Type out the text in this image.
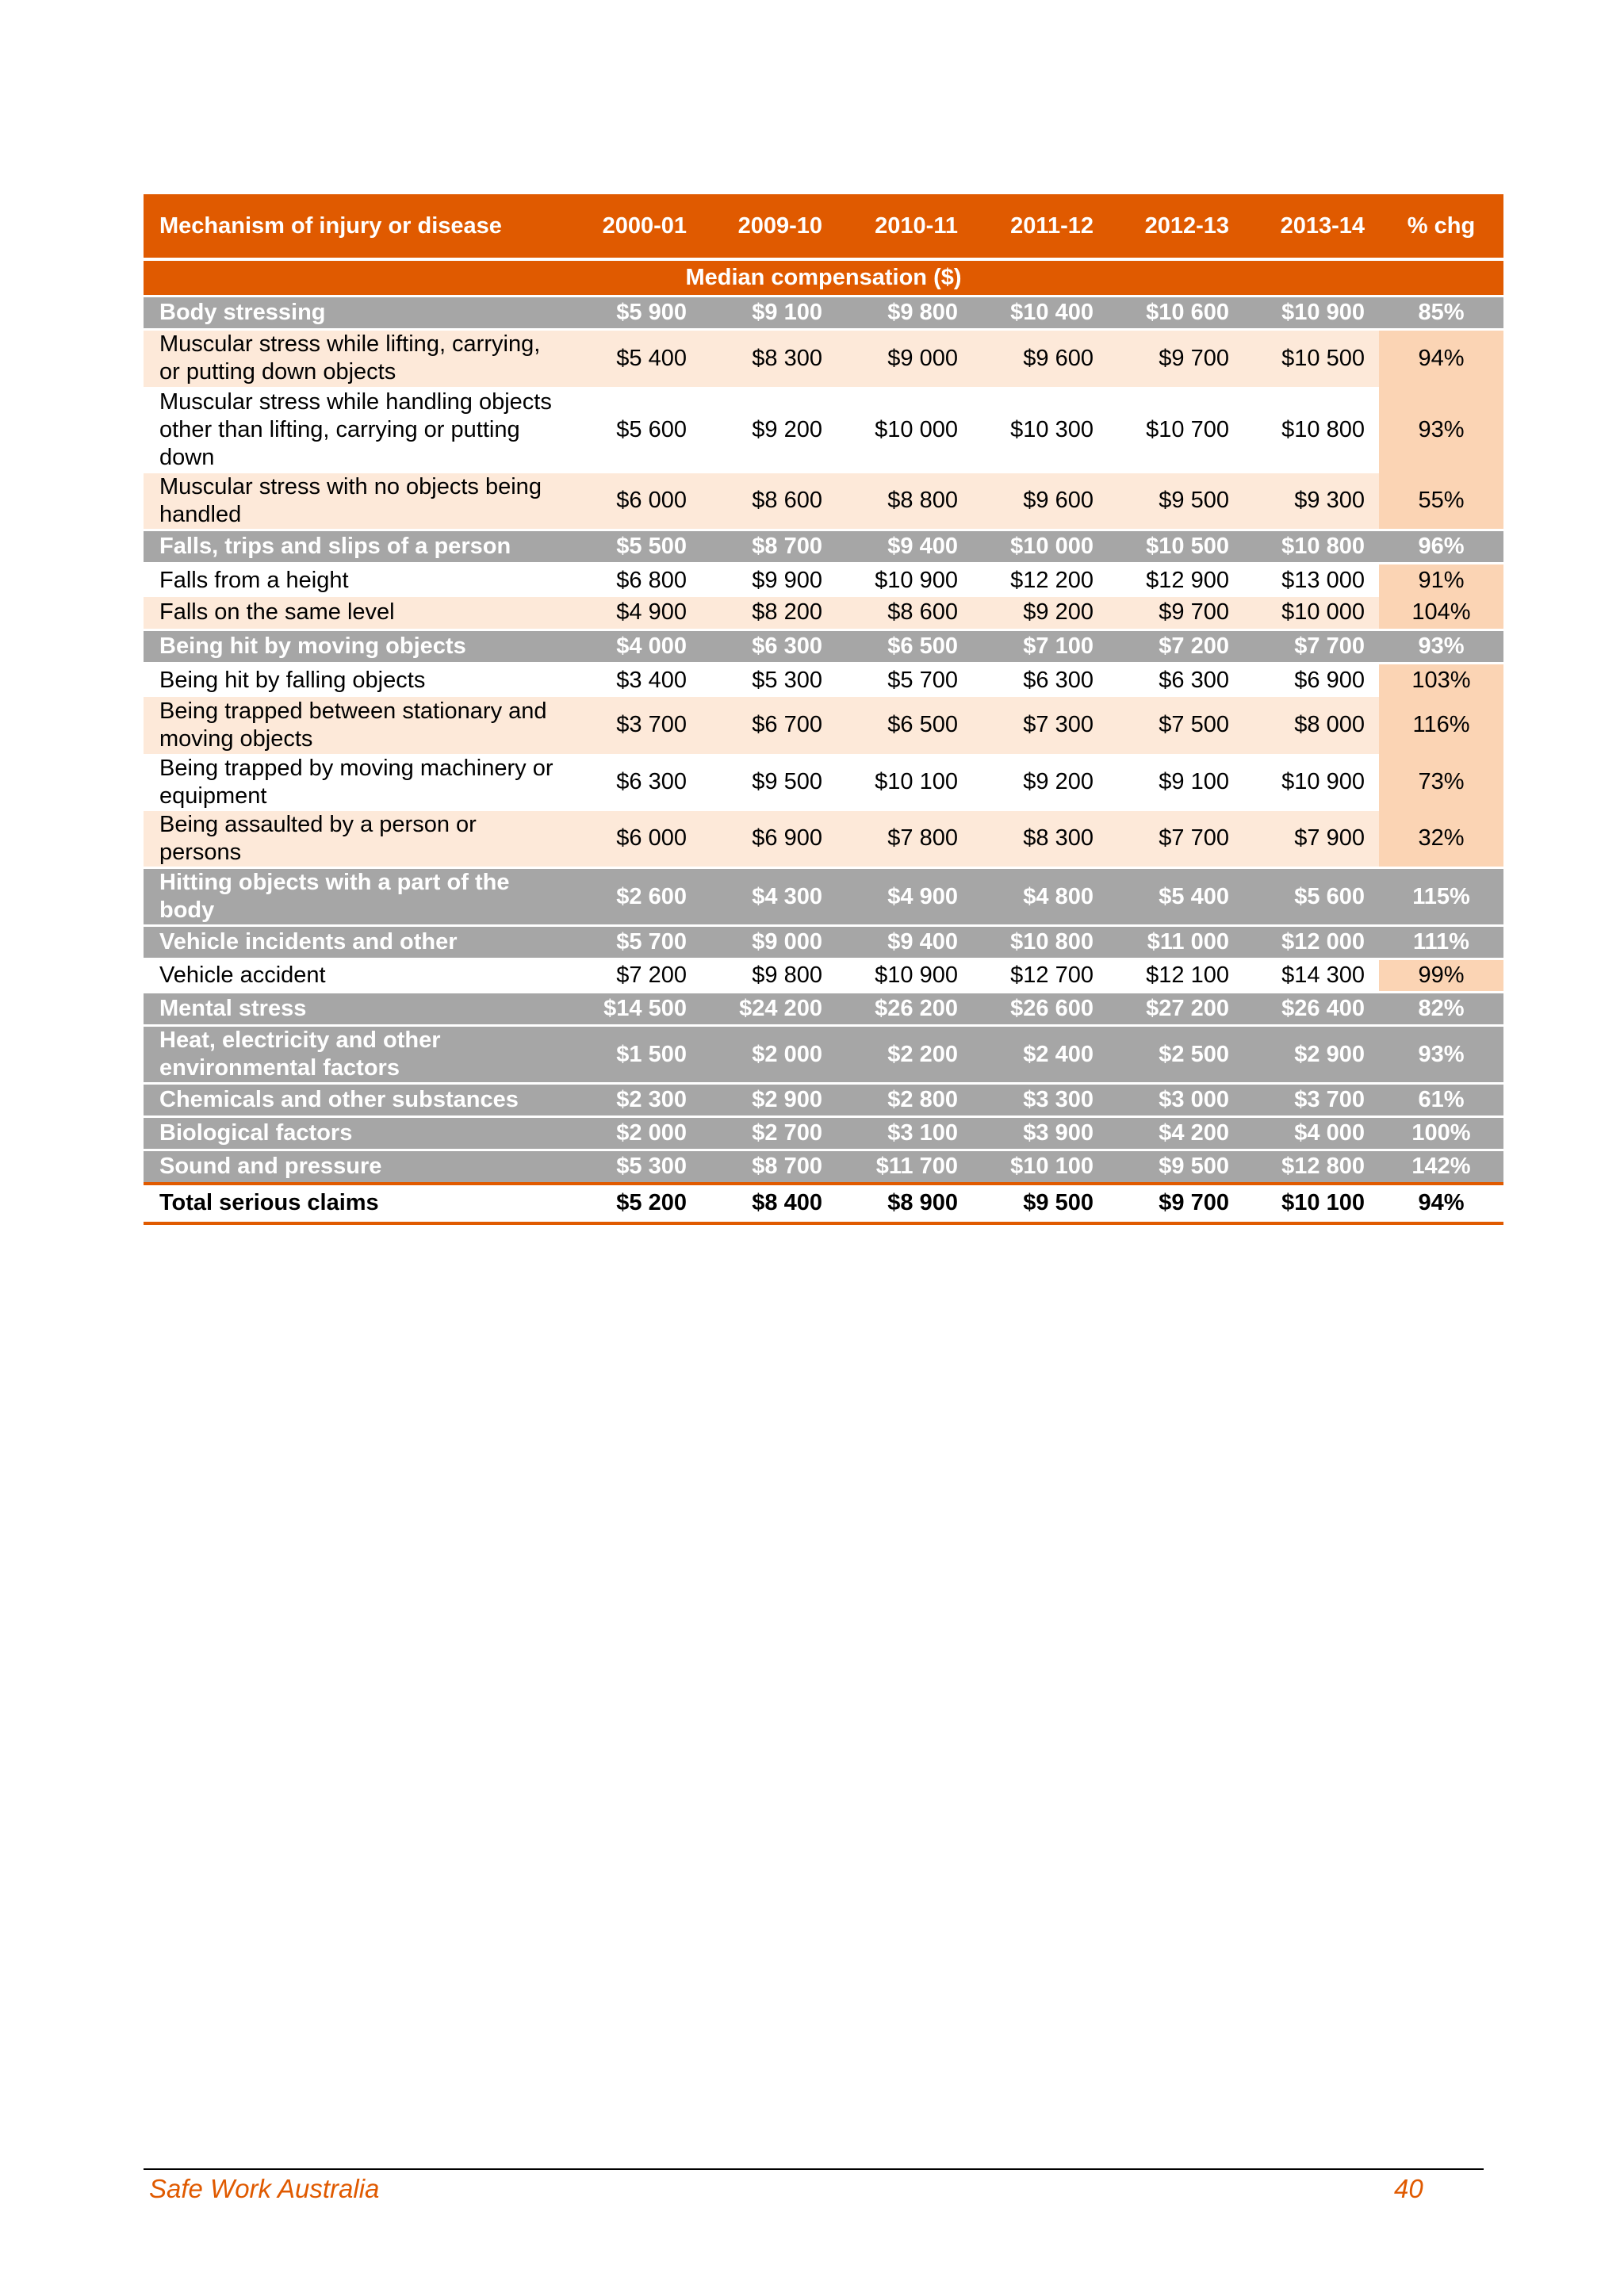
Mechanism of injury or disease	2000-01	2009-10	2010-11	2011-12	2012-13	2013-14	% chg
Median compensation ($)							
Body stressing	$5 900	$9 100	$9 800	$10 400	$10 600	$10 900	85%
Muscular stress while lifting, carrying, or putting down objects	$5 400	$8 300	$9 000	$9 600	$9 700	$10 500	94%
Muscular stress while handling objects other than lifting, carrying or putting down	$5 600	$9 200	$10 000	$10 300	$10 700	$10 800	93%
Muscular stress with no objects being handled	$6 000	$8 600	$8 800	$9 600	$9 500	$9 300	55%
Falls, trips and slips of a person	$5 500	$8 700	$9 400	$10 000	$10 500	$10 800	96%
Falls from a height	$6 800	$9 900	$10 900	$12 200	$12 900	$13 000	91%
Falls on the same level	$4 900	$8 200	$8 600	$9 200	$9 700	$10 000	104%
Being hit by moving objects	$4 000	$6 300	$6 500	$7 100	$7 200	$7 700	93%
Being hit by falling objects	$3 400	$5 300	$5 700	$6 300	$6 300	$6 900	103%
Being trapped between stationary and moving objects	$3 700	$6 700	$6 500	$7 300	$7 500	$8 000	116%
Being trapped by moving machinery or equipment	$6 300	$9 500	$10 100	$9 200	$9 100	$10 900	73%
Being assaulted by a person or persons	$6 000	$6 900	$7 800	$8 300	$7 700	$7 900	32%
Hitting objects with a part of the body	$2 600	$4 300	$4 900	$4 800	$5 400	$5 600	115%
Vehicle incidents and other	$5 700	$9 000	$9 400	$10 800	$11 000	$12 000	111%
Vehicle accident	$7 200	$9 800	$10 900	$12 700	$12 100	$14 300	99%
Mental stress	$14 500	$24 200	$26 200	$26 600	$27 200	$26 400	82%
Heat, electricity and other environmental factors	$1 500	$2 000	$2 200	$2 400	$2 500	$2 900	93%
Chemicals and other substances	$2 300	$2 900	$2 800	$3 300	$3 000	$3 700	61%
Biological factors	$2 000	$2 700	$3 100	$3 900	$4 200	$4 000	100%
Sound and pressure	$5 300	$8 700	$11 700	$10 100	$9 500	$12 800	142%
Total serious claims	$5 200	$8 400	$8 900	$9 500	$9 700	$10 100	94%
Safe Work Australia	40
